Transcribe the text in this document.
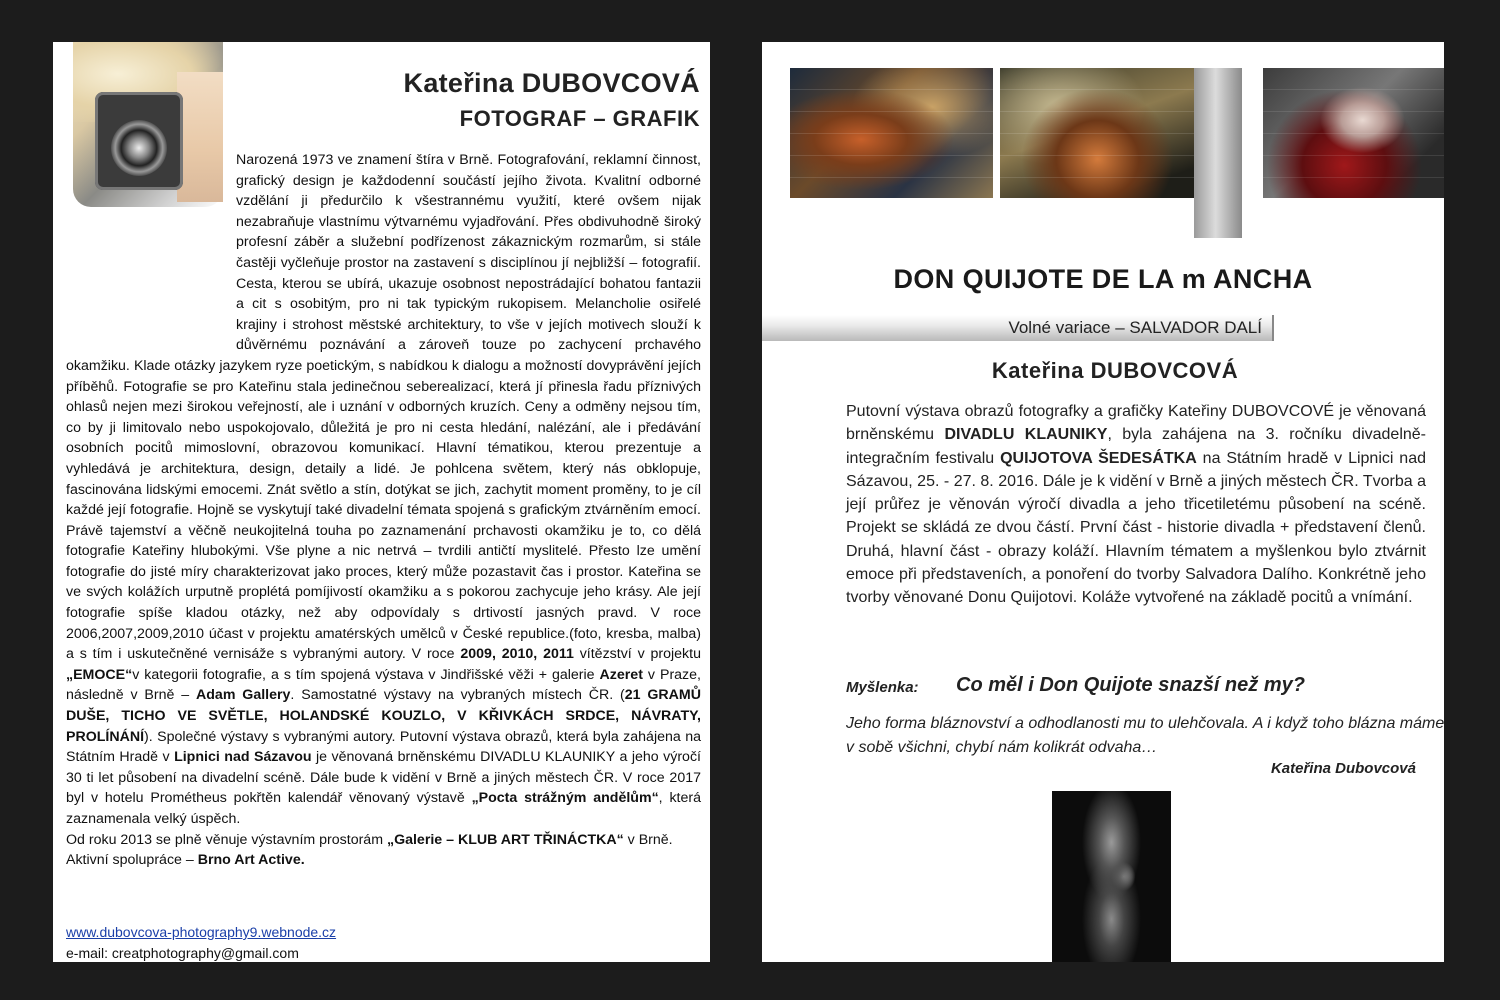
Kateřina DUBOVCOVÁ
FOTOGRAF – GRAFIK
Narozená 1973 ve znamení štíra v Brně. Fotografování, reklamní činnost, grafický design je každodenní součástí jejího života. Kvalitní odborné vzdělání ji předurčilo k všestrannému využití, které ovšem nijak nezabraňuje vlastnímu výtvarnému vyjadřování. Přes obdivuhodně široký profesní záběr a služební podřízenost zákaznickým rozmarům, si stále častěji vyčleňuje prostor na zastavení s disciplínou jí nejbližší – fotografií. Cesta, kterou se ubírá, ukazuje osobnost nepostrádající bohatou fantazii a cit s osobitým, pro ni tak typickým rukopisem. Melancholie osiřelé krajiny i strohost městské architektury, to vše v jejích motivech slouží k důvěrnému poznávání a zároveň touze po zachycení prchavého okamžiku. Klade otázky jazykem ryze poetickým, s nabídkou k dialogu a možností dovyprávění jejích příběhů. Fotografie se pro Kateřinu stala jedinečnou seberealizací, která jí přinesla řadu příznivých ohlasů nejen mezi širokou veřejností, ale i uznání v odborných kruzích. Ceny a odměny nejsou tím, co by ji limitovalo nebo uspokojovalo, důležitá je pro ni cesta hledání, nalézání, ale i předávání osobních pocitů mimoslovní, obrazovou komunikací. Hlavní tématikou, kterou prezentuje a vyhledává je architektura, design, detaily a lidé. Je pohlcena světem, který nás obklopuje, fascinována lidskými emocemi. Znát světlo a stín, dotýkat se jich, zachytit moment proměny, to je cíl každé její fotografie. Hojně se vyskytují také divadelní témata spojená s grafickým ztvárněním emocí. Právě tajemství a věčně neukojitelná touha po zaznamenání prchavosti okamžiku je to, co dělá fotografie Kateřiny hlubokými. Vše plyne a nic netrvá – tvrdili antičtí myslitelé. Přesto lze umění fotografie do jisté míry charakterizovat jako proces, který může pozastavit čas i prostor. Kateřina se ve svých kolážích urputně proplétá pomíjivostí okamžiku a s pokorou zachycuje jeho krásy. Ale její fotografie spíše kladou otázky, než aby odpovídaly s drtivostí jasných pravd. V roce 2006,2007,2009,2010 účast v projektu amatérských umělců v České republice.(foto, kresba, malba) a s tím i uskutečněné vernisáže s vybranými autory. V roce 2009, 2010, 2011 vítězství v projektu „EMOCE“v kategorii fotografie, a s tím spojená výstava v Jindřišské věži + galerie Azeret v Praze, následně v Brně – Adam Gallery. Samostatné výstavy na vybraných místech ČR. (21 GRAMŮ DUŠE, TICHO VE SVĚTLE, HOLANDSKÉ KOUZLO, V KŘIVKÁCH SRDCE, NÁVRATY, PROLÍNÁNÍ). Společné výstavy s vybranými autory. Putovní výstava obrazů, která byla zahájena na Státním Hradě v Lipnici nad Sázavou je věnovaná brněnskému DIVADLU KLAUNIKY a jeho výročí 30 ti let působení na divadelní scéně. Dále bude k vidění v Brně a jiných městech ČR. V roce 2017 byl v hotelu Prométheus pokřtěn kalendář věnovaný výstavě „Pocta strážným andělům“, která zaznamenala velký úspěch.
Od roku 2013 se plně věnuje výstavním prostorám „Galerie – KLUB ART TŘINÁCTKA“ v Brně.
Aktivní spolupráce – Brno Art Active.
www.dubovcova-photography9.webnode.cz
e-mail: creatphotography@gmail.com
DON QUIJOTE DE LA m ANCHA

Volné variace – SALVADOR DALÍ

Kateřina DUBOVCOVÁ
Putovní výstava obrazů fotografky a grafičky Kateřiny DUBOVCOVÉ je věnovaná brněnskému DIVADLU KLAUNIKY, byla zahájena na 3. ročníku divadelně-integračním festivalu QUIJOTOVA ŠEDESÁTKA na Státním hradě v Lipnici nad Sázavou, 25. - 27. 8. 2016. Dále je k vidění v Brně a jiných městech ČR. Tvorba a její průřez je věnován výročí divadla a jeho třicetiletému působení na scéně. Projekt se skládá ze dvou částí. První část - historie divadla + představení členů. Druhá, hlavní část - obrazy koláží. Hlavním tématem a myšlenkou bylo ztvárnit emoce při představeních, a ponoření do tvorby Salvadora Dalího. Konkrétně jeho tvorby věnované Donu Quijotovi. Koláže vytvořené na základě pocitů a vnímání.
Myšlenka: Co měl i Don Quijote snazší než my?
Jeho forma bláznovství a odhodlanosti mu to ulehčovala. A i když toho blázna máme v sobě všichni, chybí nám kolikrát odvaha…
Kateřina Dubovcová
